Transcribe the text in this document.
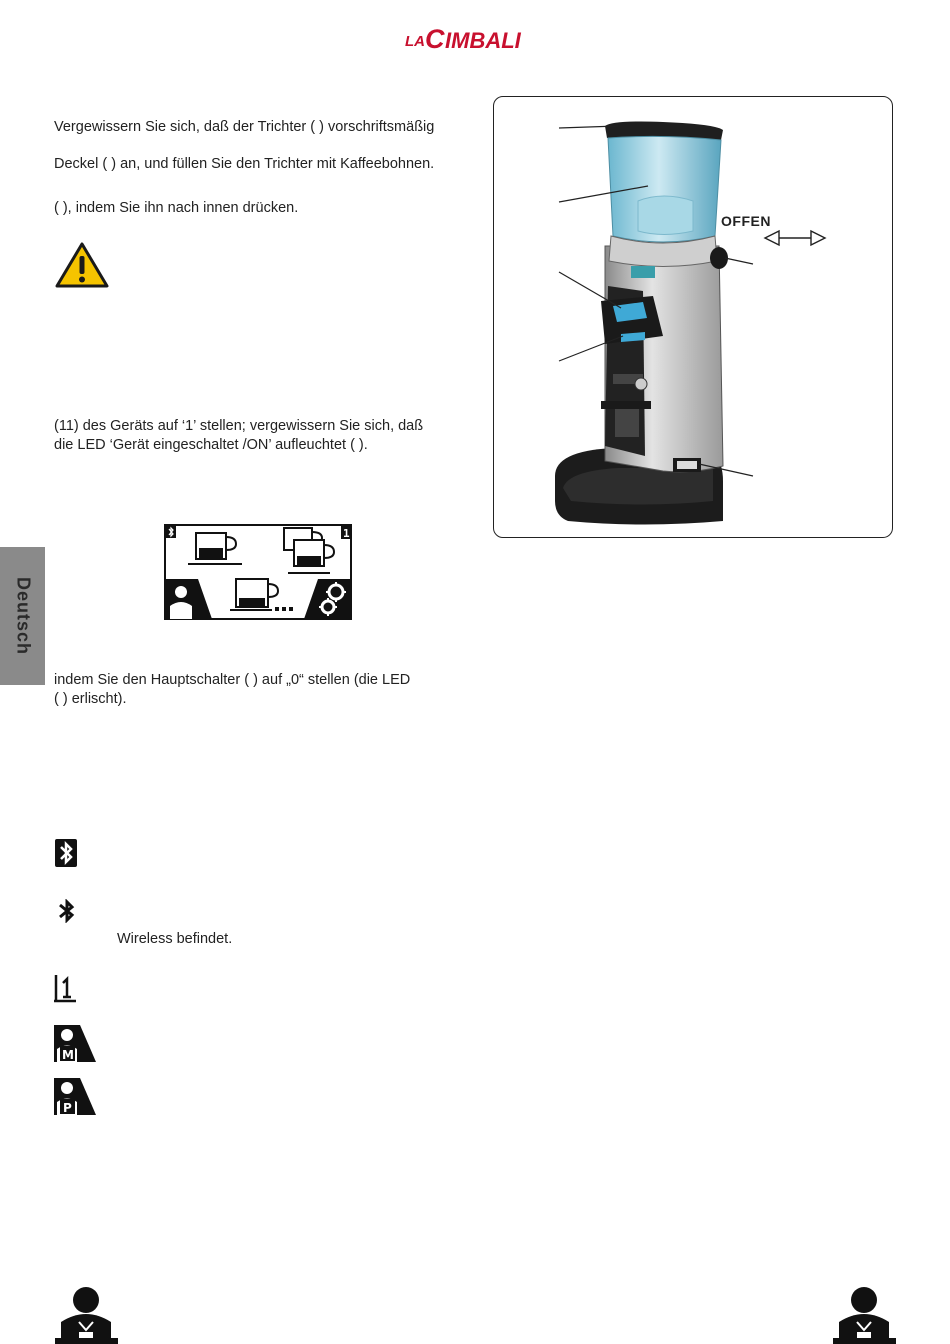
LA C IMBALI
Vergewissern Sie sich, daß der Trichter ( ) vorschriftsmäßig
Deckel ( ) an, und füllen Sie den Trichter mit Kaffeebohnen.
( ), indem Sie ihn nach innen drücken.
(11) des Geräts auf ‘1’ stellen; vergewissern Sie sich, daß
die LED ‘Gerät eingeschaltet /ON’ aufleuchtet ( ).
1
indem Sie den Hauptschalter ( ) auf „0“ stellen (die LED
( ) erlischt).
Wireless befindet.
M
P
Deutsch
OFFEN
